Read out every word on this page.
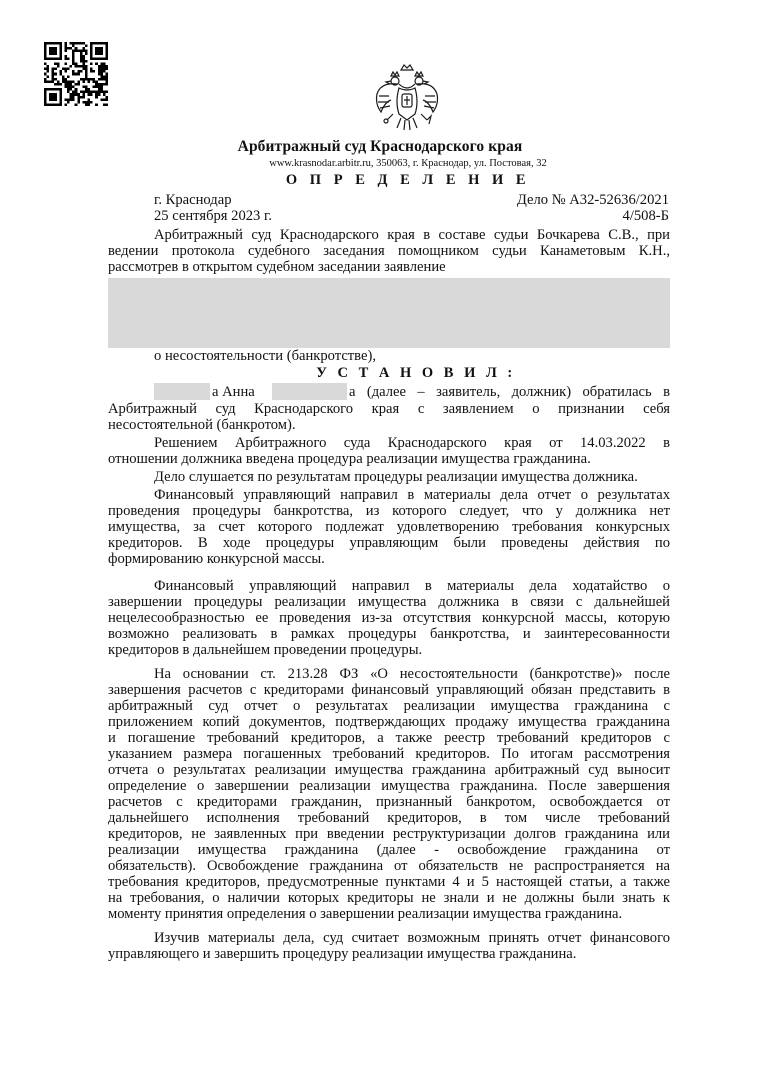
Арбитражный суд Краснодарского края
www.krasnodar.arbitr.ru, 350063, г. Краснодар, ул. Постовая, 32
О П Р Е Д Е Л Е Н И Е
г. Краснодар	Дело № А32-52636/2021
25 сентября 2023 г.	4/508-Б
Арбитражный суд Краснодарского края в составе судьи Бочкарева С.В., при
ведении протокола судебного заседания помощником судьи Канаметовым К.Н.,
рассмотрев в открытом судебном заседании заявление
о несостоятельности (банкротстве),
У С Т А Н О В И Л :
а Анна	а (далее – заявитель, должник) обратилась в
Арбитражный суд Краснодарского края с заявлением о признании себя
несостоятельной (банкротом).
Решением Арбитражного суда Краснодарского края от 14.03.2022 в
отношении должника введена процедура реализации имущества гражданина.
Дело слушается по результатам процедуры реализации имущества должника.
Финансовый управляющий направил в материалы дела отчет о результатах
проведения процедуры банкротства, из которого следует, что у должника нет
имущества, за счет которого подлежат удовлетворению требования конкурсных
кредиторов. В ходе процедуры управляющим были проведены действия по
формированию конкурсной массы.
Финансовый управляющий направил в материалы дела ходатайство о
завершении процедуры реализации имущества должника в связи с дальнейшей
нецелесообразностью ее проведения из-за отсутствия конкурсной массы, которую
возможно реализовать в рамках процедуры банкротства, и заинтересованности
кредиторов в дальнейшем проведении процедуры.
На основании ст. 213.28 ФЗ «О несостоятельности (банкротстве)» после
завершения расчетов с кредиторами финансовый управляющий обязан представить в
арбитражный суд отчет о результатах реализации имущества гражданина с
приложением копий документов, подтверждающих продажу имущества гражданина
и погашение требований кредиторов, а также реестр требований кредиторов с
указанием размера погашенных требований кредиторов. По итогам рассмотрения
отчета о результатах реализации имущества гражданина арбитражный суд выносит
определение о завершении реализации имущества гражданина. После завершения
расчетов с кредиторами гражданин, признанный банкротом, освобождается от
дальнейшего исполнения требований кредиторов, в том числе требований
кредиторов, не заявленных при введении реструктуризации долгов гражданина или
реализации имущества гражданина (далее - освобождение гражданина от
обязательств). Освобождение гражданина от обязательств не распространяется на
требования кредиторов, предусмотренные пунктами 4 и 5 настоящей статьи, а также
на требования, о наличии которых кредиторы не знали и не должны были знать к
моменту принятия определения о завершении реализации имущества гражданина.
Изучив материалы дела, суд считает возможным принять отчет финансового
управляющего и завершить процедуру реализации имущества гражданина.
